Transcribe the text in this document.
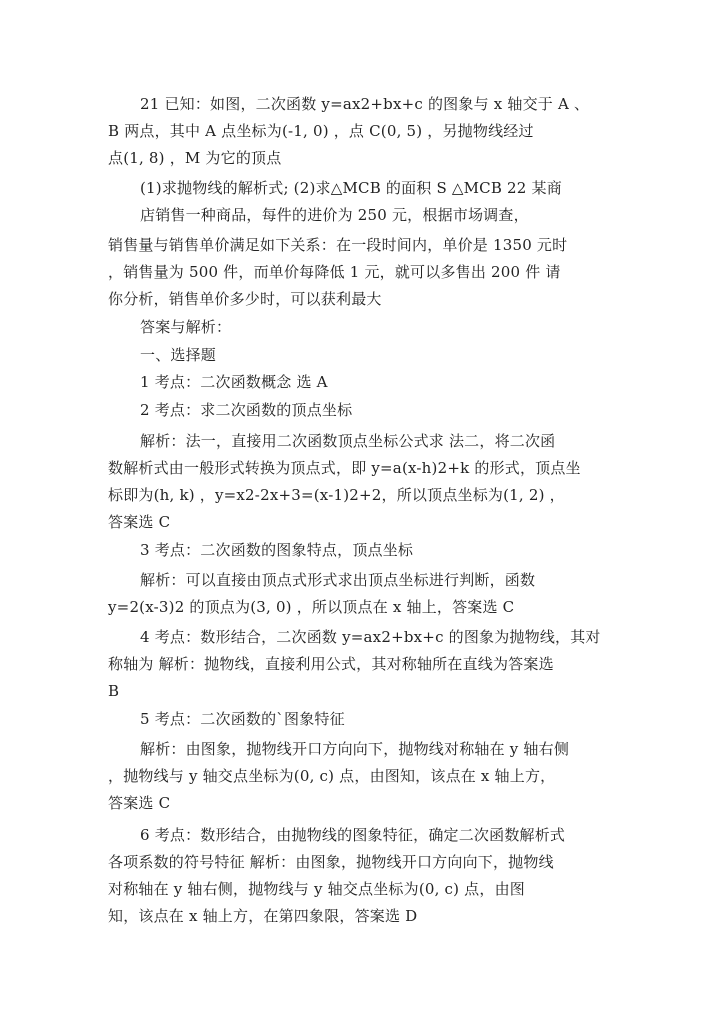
21 已知：如图，二次函数 y=ax2+bx+c 的图象与 x 轴交于 A 、
B 两点，其中 A 点坐标为(-1, 0) ，点 C(0, 5) ，另抛物线经过
点(1, 8) ，M 为它的顶点
(1)求抛物线的解析式; (2)求△MCB 的面积 S △MCB 22 某商
店销售一种商品，每件的进价为 250 元，根据市场调查，
销售量与销售单价满足如下关系：在一段时间内，单价是 1350 元时
，销售量为 500 件，而单价每降低 1 元，就可以多售出 200 件 请
你分析，销售单价多少时，可以获利最大
答案与解析：
一、选择题
1 考点：二次函数概念 选 A
2 考点：求二次函数的顶点坐标
解析：法一，直接用二次函数顶点坐标公式求 法二，将二次函
数解析式由一般形式转换为顶点式，即 y=a(x-h)2+k 的形式，顶点坐
标即为(h, k) ，y=x2-2x+3=(x-1)2+2，所以顶点坐标为(1, 2) ，
答案选 C
3 考点：二次函数的图象特点，顶点坐标
解析：可以直接由顶点式形式求出顶点坐标进行判断，函数
y=2(x-3)2 的顶点为(3, 0) ，所以顶点在 x 轴上，答案选 C
4 考点：数形结合，二次函数 y=ax2+bx+c 的图象为抛物线，其对
称轴为 解析：抛物线，直接利用公式，其对称轴所在直线为答案选
B
5 考点：二次函数的`图象特征
解析：由图象，抛物线开口方向向下，抛物线对称轴在 y 轴右侧
，抛物线与 y 轴交点坐标为(0, c) 点，由图知，该点在 x 轴上方，
答案选 C
6 考点：数形结合，由抛物线的图象特征，确定二次函数解析式
各项系数的符号特征 解析：由图象，抛物线开口方向向下，抛物线
对称轴在 y 轴右侧，抛物线与 y 轴交点坐标为(0, c) 点，由图
知，该点在 x 轴上方，在第四象限，答案选 D
